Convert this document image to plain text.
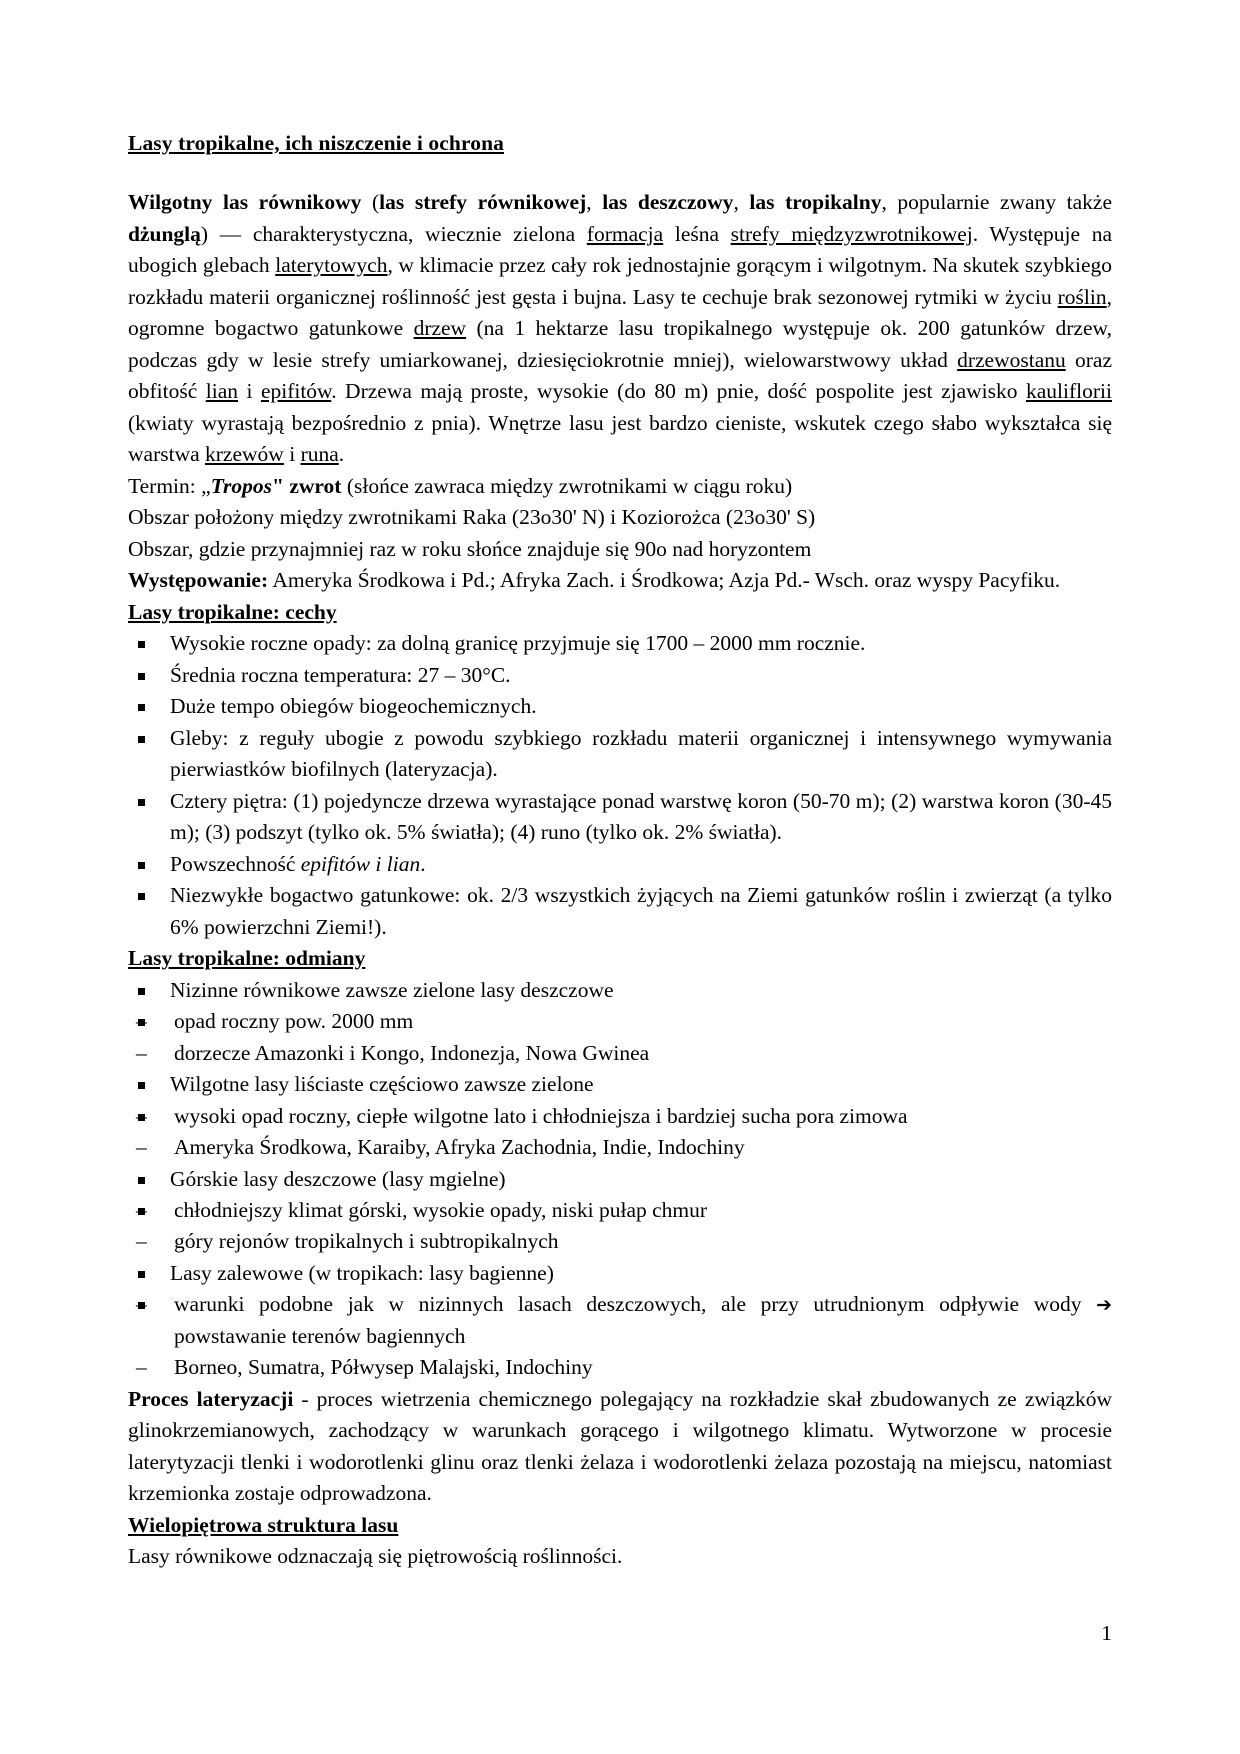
Lasy tropikalne, ich niszczenie i ochrona

Wilgotny las równikowy (las strefy równikowej, las deszczowy, las tropikalny, popularnie zwany także dżunglą) — charakterystyczna, wiecznie zielona formacja leśna strefy międzyzwrotnikowej. Występuje na ubogich glebach laterytowych, w klimacie przez cały rok jednostajnie gorącym i wilgotnym. Na skutek szybkiego rozkładu materii organicznej roślinność jest gęsta i bujna. Lasy te cechuje brak sezonowej rytmiki w życiu roślin, ogromne bogactwo gatunkowe drzew (na 1 hektarze lasu tropikalnego występuje ok. 200 gatunków drzew, podczas gdy w lesie strefy umiarkowanej, dziesięciokrotnie mniej), wielowarstwowy układ drzewostanu oraz obfitość lian i epifitów. Drzewa mają proste, wysokie (do 80 m) pnie, dość pospolite jest zjawisko kauliflorii (kwiaty wyrastają bezpośrednio z pnia). Wnętrze lasu jest bardzo cieniste, wskutek czego słabo wykształca się warstwa krzewów i runa.

Termin: „Tropos" zwrot (słońce zawraca między zwrotnikami w ciągu roku)

Obszar położony między zwrotnikami Raka (23o30' N) i Koziorożca (23o30' S)

Obszar, gdzie przynajmniej raz w roku słońce znajduje się 90o nad horyzontem

Występowanie: Ameryka Środkowa i Pd.; Afryka Zach. i Środkowa; Azja Pd.- Wsch. oraz wyspy Pacyfiku.

Lasy tropikalne: cechy

Wysokie roczne opady: za dolną granicę przyjmuje się 1700 – 2000 mm rocznie.
Średnia roczna temperatura: 27 – 30°C.
Duże tempo obiegów biogeochemicznych.
Gleby: z reguły ubogie z powodu szybkiego rozkładu materii organicznej i intensywnego wymywania pierwiastków biofilnych (lateryzacja).
Cztery piętra: (1) pojedyncze drzewa wyrastające ponad warstwę koron (50-70 m); (2) warstwa koron (30-45 m); (3) podszyt (tylko ok. 5% światła); (4) runo (tylko ok. 2% światła).
Powszechność epifitów i lian.
Niezwykłe bogactwo gatunkowe: ok. 2/3 wszystkich żyjących na Ziemi gatunków roślin i zwierząt (a tylko 6% powierzchni Ziemi!).

Lasy tropikalne: odmiany

Nizinne równikowe zawsze zielone lasy deszczowe
– opad roczny pow. 2000 mm
– dorzecze Amazonki i Kongo, Indonezja, Nowa Gwinea
Wilgotne lasy liściaste częściowo zawsze zielone
– wysoki opad roczny, ciepłe wilgotne lato i chłodniejsza i bardziej sucha pora zimowa
– Ameryka Środkowa, Karaiby, Afryka Zachodnia, Indie, Indochiny
Górskie lasy deszczowe (lasy mgielne)
– chłodniejszy klimat górski, wysokie opady, niski pułap chmur
– góry rejonów tropikalnych i subtropikalnych
Lasy zalewowe (w tropikach: lasy bagienne)
– warunki podobne jak w nizinnych lasach deszczowych, ale przy utrudnionym odpływie wody ➔ powstawanie terenów bagiennych
– Borneo, Sumatra, Półwysep Malajski, Indochiny

Proces lateryzacji - proces wietrzenia chemicznego polegający na rozkładzie skał zbudowanych ze związków glinokrzemianowych, zachodzący w warunkach gorącego i wilgotnego klimatu. Wytworzone w procesie laterytyzacji tlenki i wodorotlenki glinu oraz tlenki żelaza i wodorotlenki żelaza pozostają na miejscu, natomiast krzemionka zostaje odprowadzona.

Wielopiętrowa struktura lasu

Lasy równikowe odznaczają się piętrowością roślinności.

1
